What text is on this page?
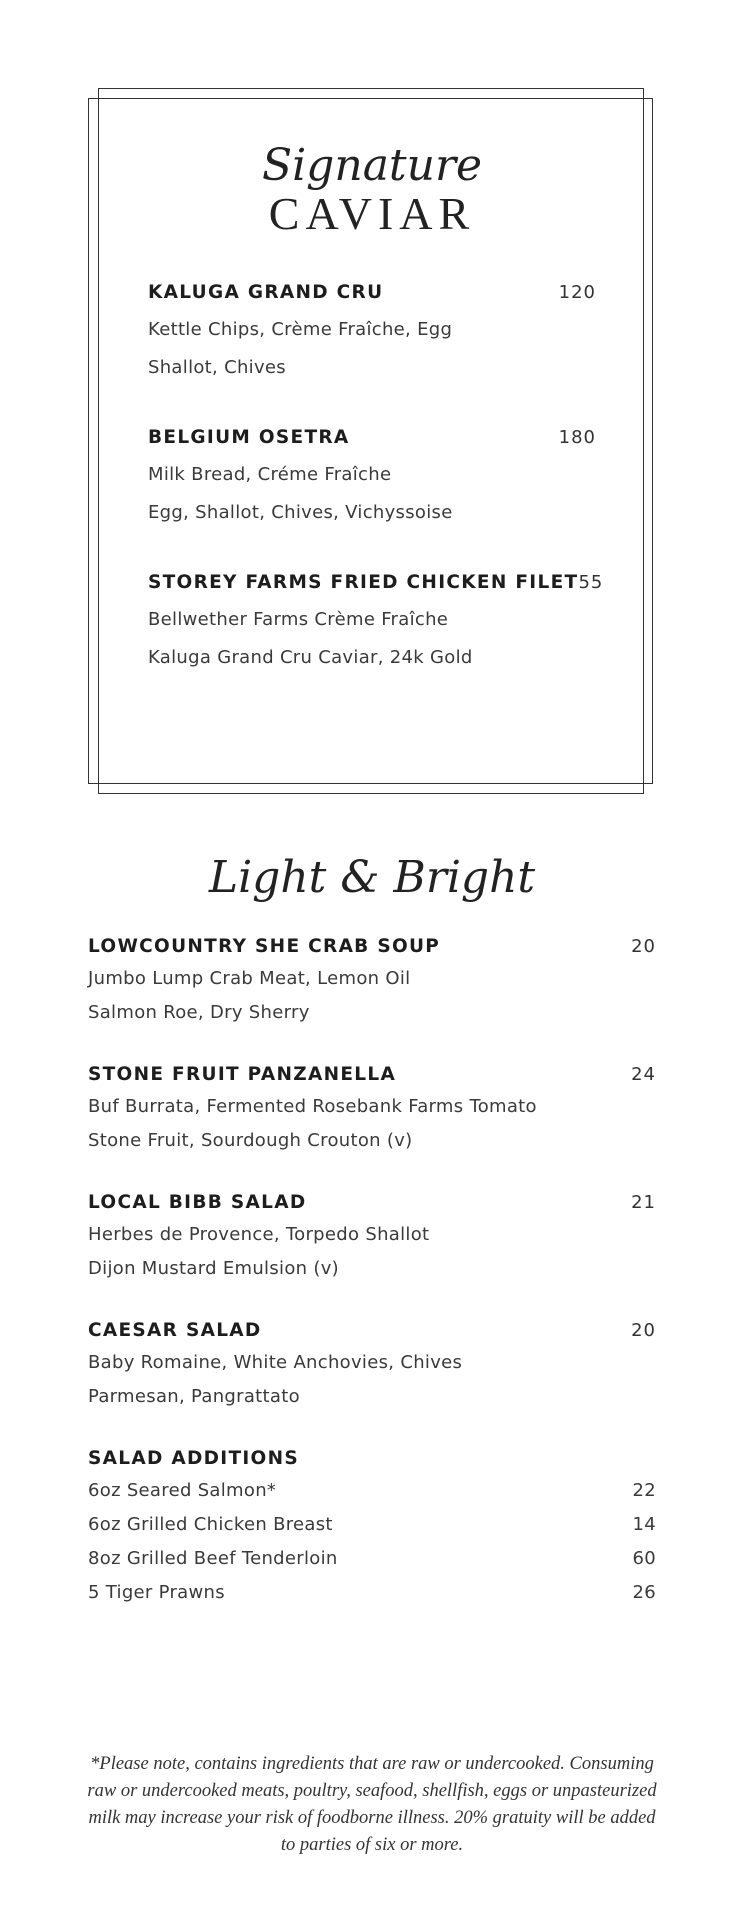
Signature
CAVIAR
KALUGA GRAND CRU	120
Kettle Chips, Crème Fraîche, Egg
Shallot, Chives
BELGIUM OSETRA	180
Milk Bread, Créme Fraîche
Egg, Shallot, Chives, Vichyssoise
STOREY FARMS FRIED CHICKEN FILET 55
Bellwether Farms Crème Fraîche
Kaluga Grand Cru Caviar, 24k Gold
Light & Bright
LOWCOUNTRY SHE CRAB SOUP	20
Jumbo Lump Crab Meat, Lemon Oil
Salmon Roe, Dry Sherry
STONE FRUIT PANZANELLA	24
Buf Burrata, Fermented Rosebank Farms Tomato
Stone Fruit, Sourdough Crouton (v)
LOCAL BIBB SALAD	21
Herbes de Provence, Torpedo Shallot
Dijon Mustard Emulsion (v)
CAESAR SALAD	20
Baby Romaine, White Anchovies, Chives
Parmesan, Pangrattato
SALAD ADDITIONS
6oz Seared Salmon*	22
6oz Grilled Chicken Breast	14
8oz Grilled Beef Tenderloin	60
5 Tiger Prawns	26

*Please note, contains ingredients that are raw or undercooked. Consuming raw or undercooked meats, poultry, seafood, shellfish, eggs or unpasteurized milk may increase your risk of foodborne illness. 20% gratuity will be added to parties of six or more.
